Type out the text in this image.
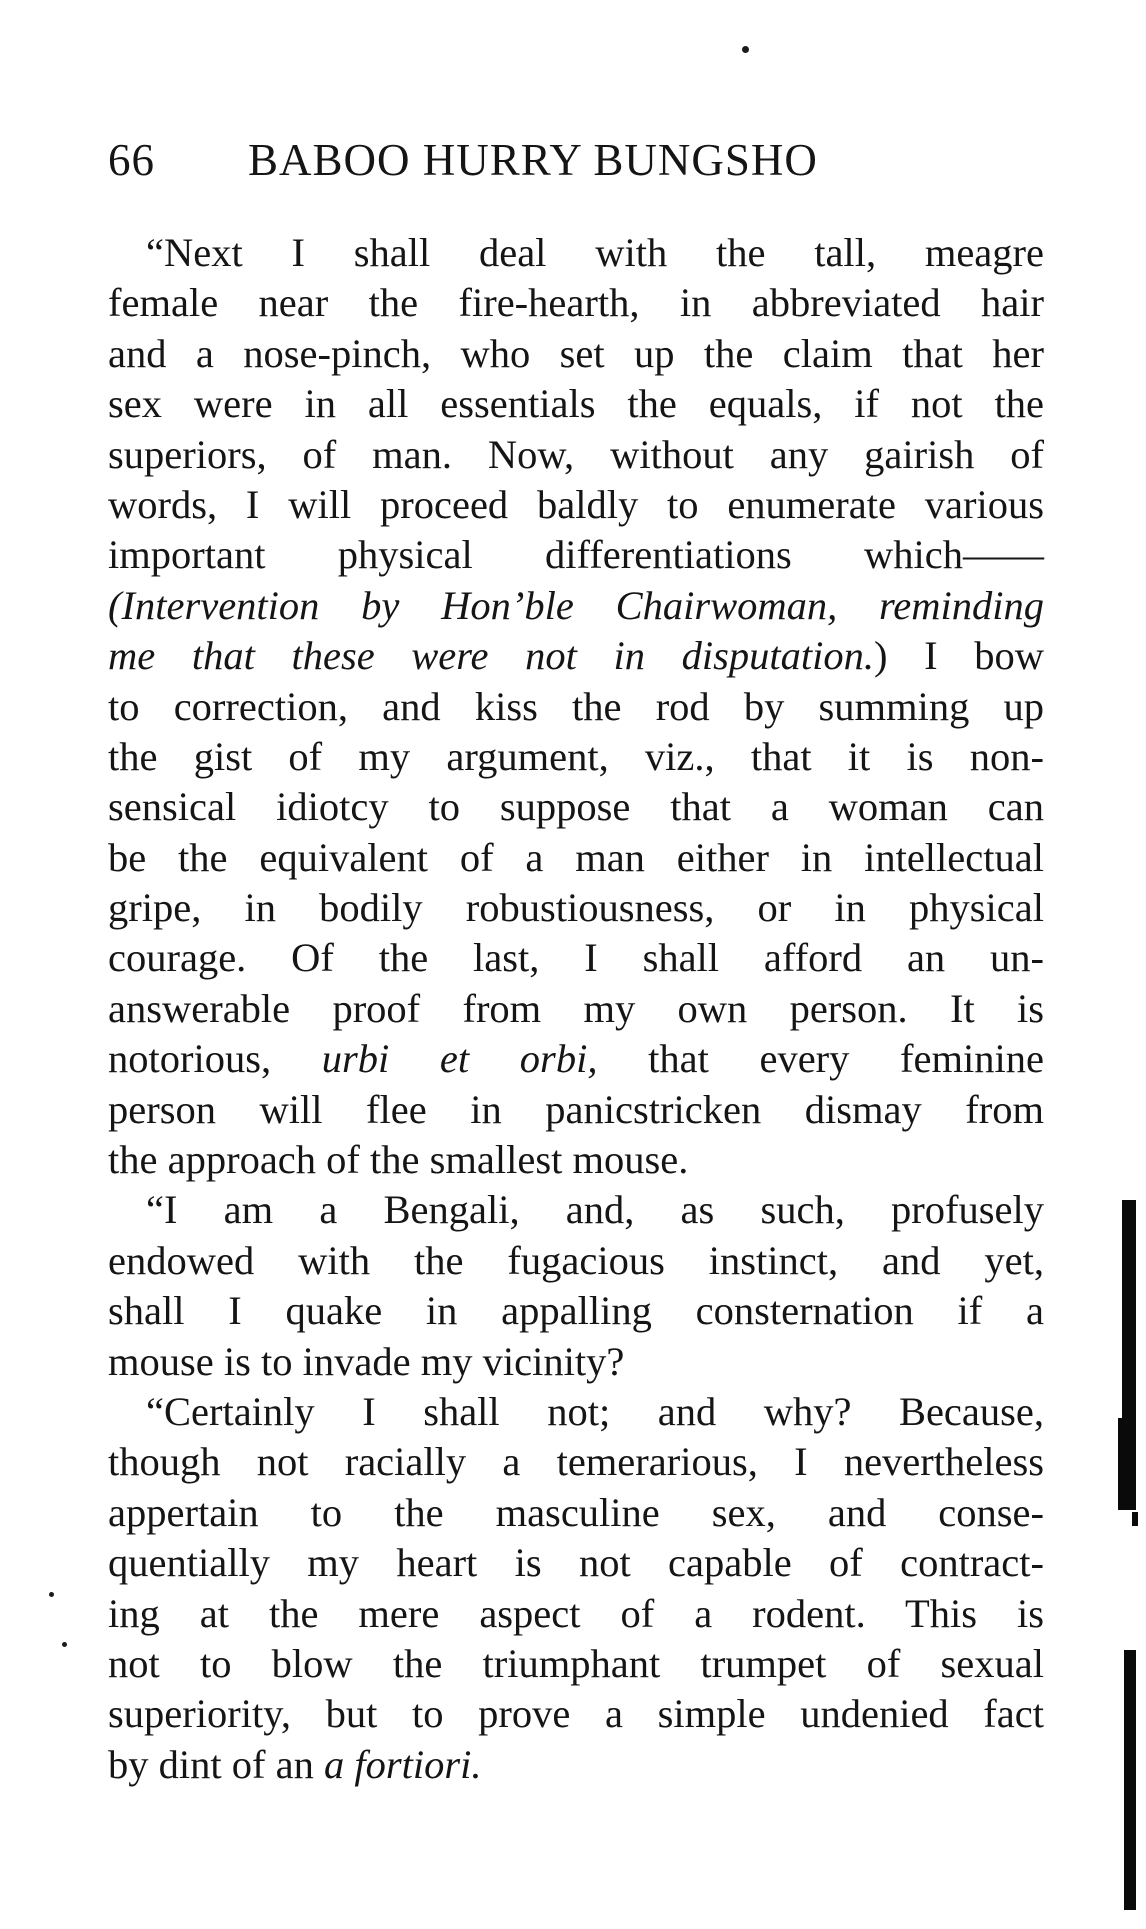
66 BABOO HURRY BUNGSHO
“Next I shall deal with the tall, meagre
female near the fire-hearth, in abbreviated hair
and a nose-pinch, who set up the claim that her
sex were in all essentials the equals, if not the
superiors, of man. Now, without any gairish of
words, I will proceed baldly to enumerate various
important physical differentiations which——
(Intervention by Hon’ble Chairwoman, reminding
me that these were not in disputation.) I bow
to correction, and kiss the rod by summing up
the gist of my argument, viz., that it is non-
sensical idiotcy to suppose that a woman can
be the equivalent of a man either in intellectual
gripe, in bodily robustiousness, or in physical
courage. Of the last, I shall afford an un-
answerable proof from my own person. It is
notorious, urbi et orbi, that every feminine
person will flee in panicstricken dismay from
the approach of the smallest mouse.
“I am a Bengali, and, as such, profusely
endowed with the fugacious instinct, and yet,
shall I quake in appalling consternation if a
mouse is to invade my vicinity?
“Certainly I shall not; and why? Because,
though not racially a temerarious, I nevertheless
appertain to the masculine sex, and conse-
quentially my heart is not capable of contract-
ing at the mere aspect of a rodent. This is
not to blow the triumphant trumpet of sexual
superiority, but to prove a simple undenied fact
by dint of an a fortiori.
